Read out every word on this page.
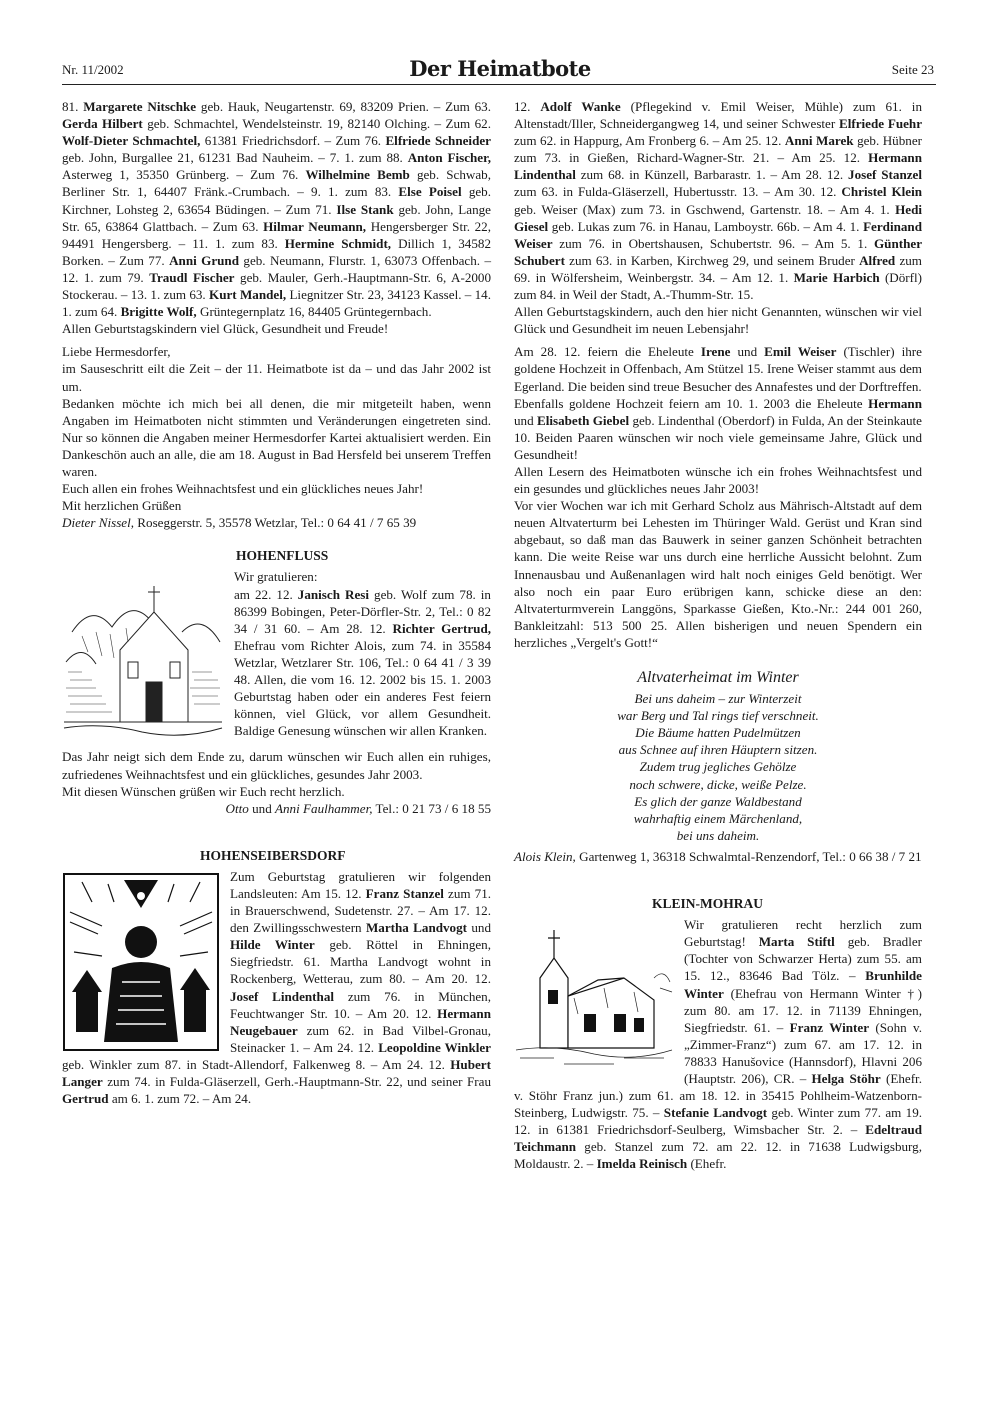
Nr. 11/2002	Der Heimatbote	Seite 23

81. Margarete Nitschke geb. Hauk, Neugartenstr. 69, 83209 Prien. – Zum 63. Gerda Hilbert geb. Schmachtel, Wendelsteinstr. 19, 82140 Olching. – Zum 62. Wolf-Dieter Schmachtel, 61381 Friedrichsdorf. – Zum 76. Elfriede Schneider geb. John, Burgallee 21, 61231 Bad Nauheim. – 7. 1. zum 88. Anton Fischer, Asterweg 1, 35350 Grünberg. – Zum 76. Wilhelmine Bemb geb. Schwab, Berliner Str. 1, 64407 Fränk.-Crumbach. – 9. 1. zum 83. Else Poisel geb. Kirchner, Lohsteg 2, 63654 Büdingen. – Zum 71. Ilse Stank geb. John, Lange Str. 65, 63864 Glattbach. – Zum 63. Hilmar Neumann, Hengersberger Str. 22, 94491 Hengersberg. – 11. 1. zum 83. Hermine Schmidt, Dillich 1, 34582 Borken. – Zum 77. Anni Grund geb. Neumann, Flurstr. 1, 63073 Offenbach. – 12. 1. zum 79. Traudl Fischer geb. Mauler, Gerh.-Hauptmann-Str. 6, A-2000 Stockerau. – 13. 1. zum 63. Kurt Mandel, Liegnitzer Str. 23, 34123 Kassel. – 14. 1. zum 64. Brigitte Wolf, Grüntegernplatz 16, 84405 Grüntegernbach.

Allen Geburtstagskindern viel Glück, Gesundheit und Freude!

Liebe Hermesdorfer,

im Sauseschritt eilt die Zeit – der 11. Heimatbote ist da – und das Jahr 2002 ist um.

Bedanken möchte ich mich bei all denen, die mir mitgeteilt haben, wenn Angaben im Heimatboten nicht stimmten und Veränderungen eingetreten sind. Nur so können die Angaben meiner Hermesdorfer Kartei aktualisiert werden. Ein Dankeschön auch an alle, die am 18. August in Bad Hersfeld bei unserem Treffen waren.

Euch allen ein frohes Weihnachtsfest und ein glückliches neues Jahr!

Mit herzlichen Grüßen

Dieter Nissel, Roseggerstr. 5, 35578 Wetzlar, Tel.: 0 64 41 / 7 65 39

HOHENFLUSS

Wir gratulieren:

am 22. 12. Janisch Resi geb. Wolf zum 78. in 86399 Bobingen, Peter-Dörfler-Str. 2, Tel.: 0 82 34 / 31 60. – Am 28. 12. Richter Gertrud, Ehefrau vom Richter Alois, zum 74. in 35584 Wetzlar, Wetzlarer Str. 106, Tel.: 0 64 41 / 3 39 48. Allen, die vom 16. 12. 2002 bis 15. 1. 2003 Geburtstag haben oder ein anderes Fest feiern können, viel Glück, vor allem Gesundheit. Baldige Genesung wünschen wir allen Kranken.

Das Jahr neigt sich dem Ende zu, darum wünschen wir Euch allen ein ruhiges, zufriedenes Weihnachtsfest und ein glückliches, gesundes Jahr 2003.

Mit diesen Wünschen grüßen wir Euch recht herzlich.

Otto und Anni Faulhammer, Tel.: 0 21 73 / 6 18 55

HOHENSEIBERSDORF

Zum Geburtstag gratulieren wir folgenden Landsleuten: Am 15. 12. Franz Stanzel zum 71. in Brauerschwend, Sudetenstr. 27. – Am 17. 12. den Zwillingsschwestern Martha Landvogt und Hilde Winter geb. Röttel in Ehningen, Siegfriedstr. 61. Martha Landvogt wohnt in Rockenberg, Wetterau, zum 80. – Am 20. 12. Josef Lindenthal zum 76. in München, Feuchtwanger Str. 10. – Am 20. 12. Hermann Neugebauer zum 62. in Bad Vilbel-Gronau, Steinacker 1. – Am 24. 12. Leopoldine Winkler geb. Winkler zum 87. in Stadt-Allendorf, Falkenweg 8. – Am 24. 12. Hubert Langer zum 74. in Fulda-Gläserzell, Gerh.-Hauptmann-Str. 22, und seiner Frau Gertrud am 6. 1. zum 72. – Am 24.

12. Adolf Wanke (Pflegekind v. Emil Weiser, Mühle) zum 61. in Altenstadt/Iller, Schneidergangweg 14, und seiner Schwester Elfriede Fuehr zum 62. in Happurg, Am Fronberg 6. – Am 25. 12. Anni Marek geb. Hübner zum 73. in Gießen, Richard-Wagner-Str. 21. – Am 25. 12. Hermann Lindenthal zum 68. in Künzell, Barbarastr. 1. – Am 28. 12. Josef Stanzel zum 63. in Fulda-Gläserzell, Hubertusstr. 13. – Am 30. 12. Christel Klein geb. Weiser (Max) zum 73. in Gschwend, Gartenstr. 18. – Am 4. 1. Hedi Giesel geb. Lukas zum 76. in Hanau, Lamboystr. 66b. – Am 4. 1. Ferdinand Weiser zum 76. in Obertshausen, Schubertstr. 96. – Am 5. 1. Günther Schubert zum 63. in Karben, Kirchweg 29, und seinem Bruder Alfred zum 69. in Wölfersheim, Weinbergstr. 34. – Am 12. 1. Marie Harbich (Dörfl) zum 84. in Weil der Stadt, A.-Thumm-Str. 15.

Allen Geburtstagskindern, auch den hier nicht Genannten, wünschen wir viel Glück und Gesundheit im neuen Lebensjahr!

Am 28. 12. feiern die Eheleute Irene und Emil Weiser (Tischler) ihre goldene Hochzeit in Offenbach, Am Stützel 15. Irene Weiser stammt aus dem Egerland. Die beiden sind treue Besucher des Annafestes und der Dorftreffen.

Ebenfalls goldene Hochzeit feiern am 10. 1. 2003 die Eheleute Hermann und Elisabeth Giebel geb. Lindenthal (Oberdorf) in Fulda, An der Steinkaute 10. Beiden Paaren wünschen wir noch viele gemeinsame Jahre, Glück und Gesundheit!

Allen Lesern des Heimatboten wünsche ich ein frohes Weihnachtsfest und ein gesundes und glückliches neues Jahr 2003!

Vor vier Wochen war ich mit Gerhard Scholz aus Mährisch-Altstadt auf dem neuen Altvaterturm bei Lehesten im Thüringer Wald. Gerüst und Kran sind abgebaut, so daß man das Bauwerk in seiner ganzen Schönheit betrachten kann. Die weite Reise war uns durch eine herrliche Aussicht belohnt. Zum Innenausbau und Außenanlagen wird halt noch einiges Geld benötigt. Wer also noch ein paar Euro erübrigen kann, schicke diese an den: Altvaterturmverein Langgöns, Sparkasse Gießen, Kto.-Nr.: 244 001 260, Bankleitzahl: 513 500 25. Allen bisherigen und neuen Spendern ein herzliches „Vergelt's Gott!“

Altvaterheimat im Winter

Bei uns daheim – zur Winterzeit

war Berg und Tal rings tief verschneit.

Die Bäume hatten Pudelmützen

aus Schnee auf ihren Häuptern sitzen.

Zudem trug jegliches Gehölze

noch schwere, dicke, weiße Pelze.

Es glich der ganze Waldbestand

wahrhaftig einem Märchenland,

bei uns daheim.

Alois Klein, Gartenweg 1, 36318 Schwalmtal-Renzendorf, Tel.: 0 66 38 / 7 21

KLEIN-MOHRAU

Wir gratulieren recht herzlich zum Geburtstag! Marta Stiftl geb. Bradler (Tochter von Schwarzer Herta) zum 55. am 15. 12., 83646 Bad Tölz. – Brunhilde Winter (Ehefrau von Hermann Winter †) zum 80. am 17. 12. in 71139 Ehningen, Siegfriedstr. 61. – Franz Winter (Sohn v. „Zimmer-Franz“) zum 67. am 17. 12. in 78833 Hanušovice (Hannsdorf), Hlavni 206 (Hauptstr. 206), CR. – Helga Stöhr (Ehefr. v. Stöhr Franz jun.) zum 61. am 18. 12. in 35415 Pohlheim-Watzenborn-Steinberg, Ludwigstr. 75. – Stefanie Landvogt geb. Winter zum 77. am 19. 12. in 61381 Friedrichsdorf-Seulberg, Wimsbacher Str. 2. – Edeltraud Teichmann geb. Stanzel zum 72. am 22. 12. in 71638 Ludwigsburg, Moldaustr. 2. – Imelda Reinisch (Ehefr.
